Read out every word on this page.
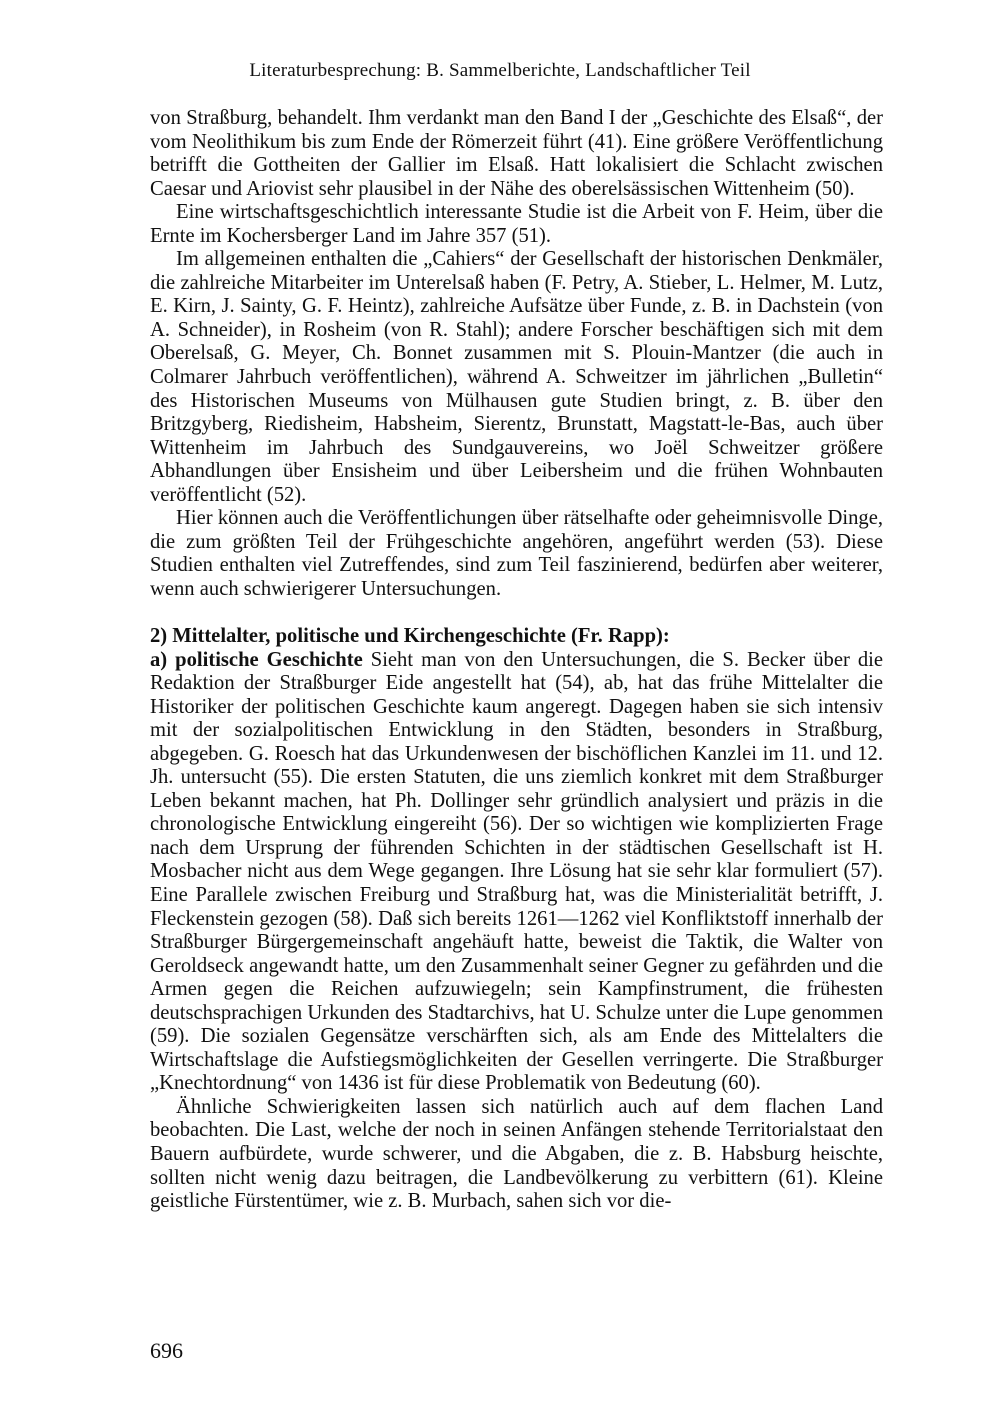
Literaturbesprechung: B. Sammelberichte, Landschaftlicher Teil

von Straßburg, behandelt. Ihm verdankt man den Band I der „Geschichte des Elsaß“, der vom Neolithikum bis zum Ende der Römerzeit führt (41). Eine größere Veröffentlichung betrifft die Gottheiten der Gallier im Elsaß. Hatt lokalisiert die Schlacht zwischen Caesar und Ariovist sehr plausibel in der Nähe des oberelsässischen Wittenheim (50).

Eine wirtschaftsgeschichtlich interessante Studie ist die Arbeit von F. Heim, über die Ernte im Kochersberger Land im Jahre 357 (51).

Im allgemeinen enthalten die „Cahiers“ der Gesellschaft der historischen Denkmäler, die zahlreiche Mitarbeiter im Unterelsaß haben (F. Petry, A. Stieber, L. Helmer, M. Lutz, E. Kirn, J. Sainty, G. F. Heintz), zahlreiche Aufsätze über Funde, z. B. in Dachstein (von A. Schneider), in Rosheim (von R. Stahl); andere Forscher beschäftigen sich mit dem Oberelsaß, G. Meyer, Ch. Bonnet zusammen mit S. Plouin-Mantzer (die auch in Colmarer Jahrbuch veröffentlichen), während A. Schweitzer im jährlichen „Bulletin“ des Historischen Museums von Mülhausen gute Studien bringt, z. B. über den Britzgyberg, Riedisheim, Habsheim, Sierentz, Brunstatt, Magstatt-le-Bas, auch über Wittenheim im Jahrbuch des Sundgauvereins, wo Joël Schweitzer größere Abhandlungen über Ensisheim und über Leibersheim und die frühen Wohnbauten veröffentlicht (52).

Hier können auch die Veröffentlichungen über rätselhafte oder geheimnisvolle Dinge, die zum größten Teil der Frühgeschichte angehören, angeführt werden (53). Diese Studien enthalten viel Zutreffendes, sind zum Teil faszinierend, bedürfen aber weiterer, wenn auch schwierigerer Untersuchungen.

2) Mittelalter, politische und Kirchengeschichte (Fr. Rapp):

a) politische Geschichte Sieht man von den Untersuchungen, die S. Becker über die Redaktion der Straßburger Eide angestellt hat (54), ab, hat das frühe Mittelalter die Historiker der politischen Geschichte kaum angeregt. Dagegen haben sie sich intensiv mit der sozialpolitischen Entwicklung in den Städten, besonders in Straßburg, abgegeben. G. Roesch hat das Urkundenwesen der bischöflichen Kanzlei im 11. und 12. Jh. untersucht (55). Die ersten Statuten, die uns ziemlich konkret mit dem Straßburger Leben bekannt machen, hat Ph. Dollinger sehr gründlich analysiert und präzis in die chronologische Entwicklung eingereiht (56). Der so wichtigen wie komplizierten Frage nach dem Ursprung der führenden Schichten in der städtischen Gesellschaft ist H. Mosbacher nicht aus dem Wege gegangen. Ihre Lösung hat sie sehr klar formuliert (57). Eine Parallele zwischen Freiburg und Straßburg hat, was die Ministerialität betrifft, J. Fleckenstein gezogen (58). Daß sich bereits 1261—1262 viel Konfliktstoff innerhalb der Straßburger Bürgergemeinschaft angehäuft hatte, beweist die Taktik, die Walter von Geroldseck angewandt hatte, um den Zusammenhalt seiner Gegner zu gefährden und die Armen gegen die Reichen aufzuwiegeln; sein Kampfinstrument, die frühesten deutschsprachigen Urkunden des Stadtarchivs, hat U. Schulze unter die Lupe genommen (59). Die sozialen Gegensätze verschärften sich, als am Ende des Mittelalters die Wirtschaftslage die Aufstiegsmöglichkeiten der Gesellen verringerte. Die Straßburger „Knechtordnung“ von 1436 ist für diese Problematik von Bedeutung (60).

Ähnliche Schwierigkeiten lassen sich natürlich auch auf dem flachen Land beobachten. Die Last, welche der noch in seinen Anfängen stehende Territorialstaat den Bauern aufbürdete, wurde schwerer, und die Abgaben, die z. B. Habsburg heischte, sollten nicht wenig dazu beitragen, die Landbevölkerung zu verbittern (61). Kleine geistliche Fürstentümer, wie z. B. Murbach, sahen sich vor die-

696
